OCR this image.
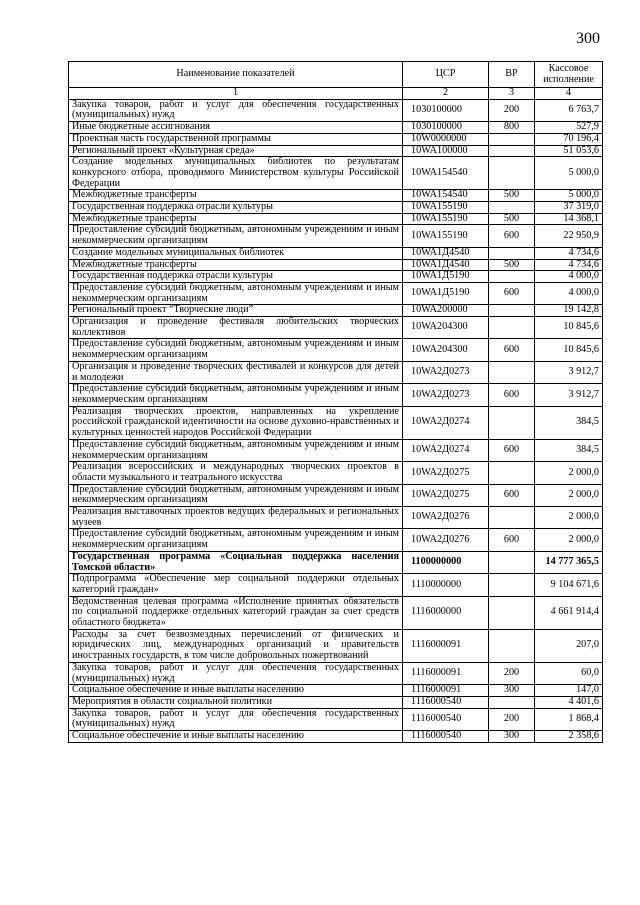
300
Наименование показателей	ЦСР	ВР	Кассовое исполнение
1	2	3	4
Закупка товаров, работ и услуг для обеспечения государственных (муниципальных) нужд	1030100000	200	6 763,7
Иные бюджетные ассигнования	1030100000	800	527,9
Проектная часть государственной программы	10W0000000		70 196,4
Региональный проект «Культурная среда»	10WA100000		51 053,6
Создание модельных муниципальных библиотек по результатам конкурсного отбора, проводимого Министерством культуры Российской Федерации	10WA154540		5 000,0
Межбюджетные трансферты	10WA154540	500	5 000,0
Государственная поддержка отрасли культуры	10WA155190		37 319,0
Межбюджетные трансферты	10WA155190	500	14 368,1
Предоставление субсидий бюджетным, автономным учреждениям и иным некоммерческим организациям	10WA155190	600	22 950,9
Создание модельных муниципальных библиотек	10WA1Д4540		4 734,6
Межбюджетные трансферты	10WA1Д4540	500	4 734,6
Государственная поддержка отрасли культуры	10WA1Д5190		4 000,0
Предоставление субсидий бюджетным, автономным учреждениям и иным некоммерческим организациям	10WA1Д5190	600	4 000,0
Региональный проект “Творческие люди”	10WA200000		19 142,8
Организация и проведение фестиваля любительских творческих коллективов	10WA204300		10 845,6
Предоставление субсидий бюджетным, автономным учреждениям и иным некоммерческим организациям	10WA204300	600	10 845,6
Организация и проведение творческих фестивалей и конкурсов для детей и молодежи	10WA2Д0273		3 912,7
Предоставление субсидий бюджетным, автономным учреждениям и иным некоммерческим организациям	10WA2Д0273	600	3 912,7
Реализация творческих проектов, направленных на укрепление российской гражданской идентичности на основе духовно-нравственных и культурных ценностей народов Российской Федерации	10WA2Д0274		384,5
Предоставление субсидий бюджетным, автономным учреждениям и иным некоммерческим организациям	10WA2Д0274	600	384,5
Реализация всероссийских и международных творческих проектов в области музыкального и театрального искусства	10WA2Д0275		2 000,0
Предоставление субсидий бюджетным, автономным учреждениям и иным некоммерческим организациям	10WA2Д0275	600	2 000,0
Реализация выставочных проектов ведущих федеральных и региональных музеев	10WA2Д0276		2 000,0
Предоставление субсидий бюджетным, автономным учреждениям и иным некоммерческим организациям	10WA2Д0276	600	2 000,0
Государственная программа «Социальная поддержка населения Томской области»	1100000000		14 777 365,5
Подпрограмма «Обеспечение мер социальной поддержки отдельных категорий граждан»	1110000000		9 104 671,6
Ведомственная целевая программа «Исполнение принятых обязательств по социальной поддержке отдельных категорий граждан за счет средств областного бюджета»	1116000000		4 661 914,4
Расходы за счет безвозмездных перечислений от физических и юридических лиц, международных организаций и правительств иностранных государств, в том числе добровольных пожертвований	1116000091		207,0
Закупка товаров, работ и услуг для обеспечения государственных (муниципальных) нужд	1116000091	200	60,0
Социальное обеспечение и иные выплаты населению	1116000091	300	147,0
Мероприятия в области социальной политики	1116000540		4 401,6
Закупка товаров, работ и услуг для обеспечения государственных (муниципальных) нужд	1116000540	200	1 868,4
Социальное обеспечение и иные выплаты населению	1116000540	300	2 358,6
